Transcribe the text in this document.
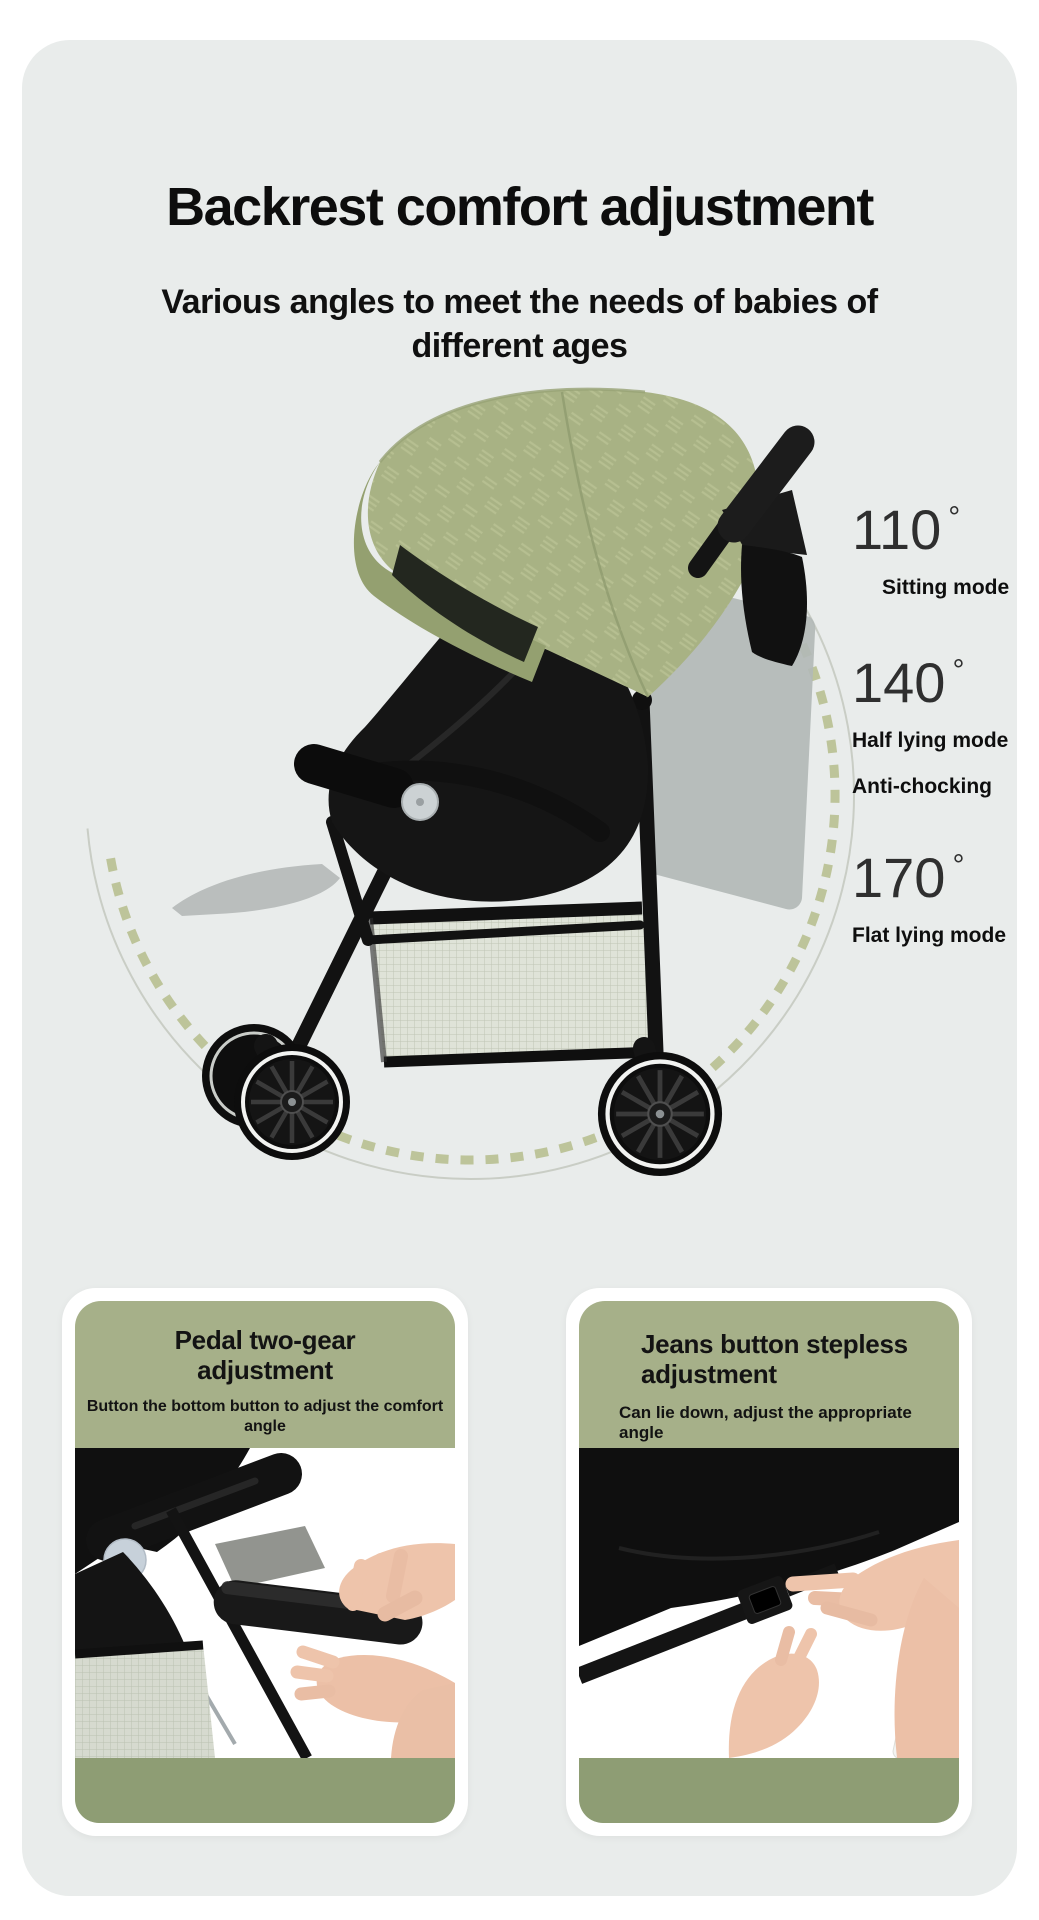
Backrest comfort adjustment
Various angles to meet the needs of babies of
different ages
110 °
Sitting mode
140 °
Half lying mode
Anti-chocking
170 °
Flat lying mode
Pedal two-gear
adjustment
Button the bottom button to adjust the comfort
angle
Jeans button stepless
adjustment
Can lie down, adjust the appropriate
angle
